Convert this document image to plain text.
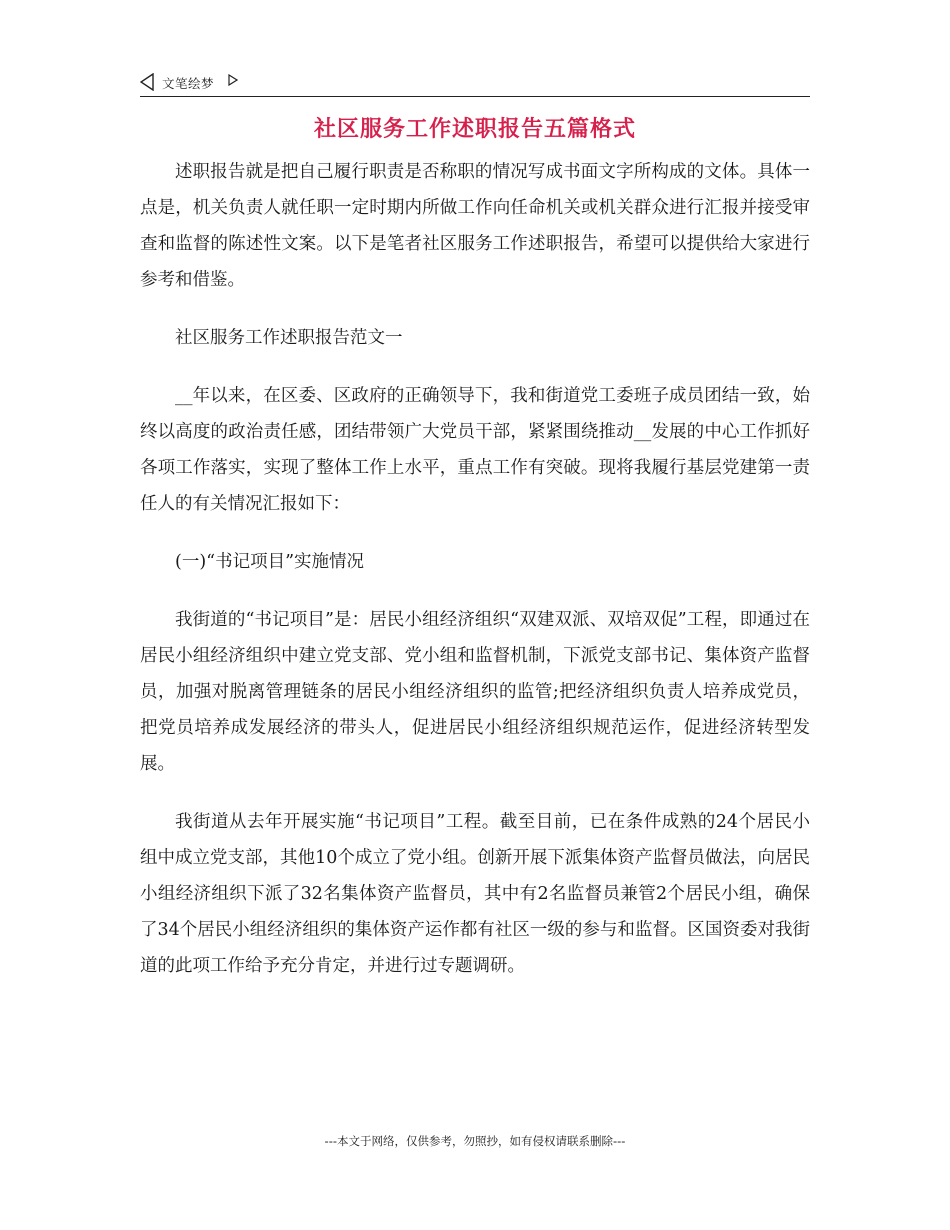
文笔绘梦
社区服务工作述职报告五篇格式

述职报告就是把自己履行职责是否称职的情况写成书面文字所构成的文体。具体一点是，机关负责人就任职一定时期内所做工作向任命机关或机关群众进行汇报并接受审查和监督的陈述性文案。以下是笔者社区服务工作述职报告，希望可以提供给大家进行参考和借鉴。

社区服务工作述职报告范文一

__年以来，在区委、区政府的正确领导下，我和街道党工委班子成员团结一致，始终以高度的政治责任感，团结带领广大党员干部，紧紧围绕推动__发展的中心工作抓好各项工作落实，实现了整体工作上水平，重点工作有突破。现将我履行基层党建第一责任人的有关情况汇报如下：

(一)“书记项目”实施情况

我街道的“书记项目”是：居民小组经济组织“双建双派、双培双促”工程，即通过在居民小组经济组织中建立党支部、党小组和监督机制，下派党支部书记、集体资产监督员，加强对脱离管理链条的居民小组经济组织的监管;把经济组织负责人培养成党员，把党员培养成发展经济的带头人，促进居民小组经济组织规范运作，促进经济转型发展。

我街道从去年开展实施“书记项目”工程。截至目前，已在条件成熟的24个居民小组中成立党支部，其他10个成立了党小组。创新开展下派集体资产监督员做法，向居民小组经济组织下派了32名集体资产监督员，其中有2名监督员兼管2个居民小组，确保了34个居民小组经济组织的集体资产运作都有社区一级的参与和监督。区国资委对我街道的此项工作给予充分肯定，并进行过专题调研。

---本文于网络，仅供参考，勿照抄，如有侵权请联系删除---
